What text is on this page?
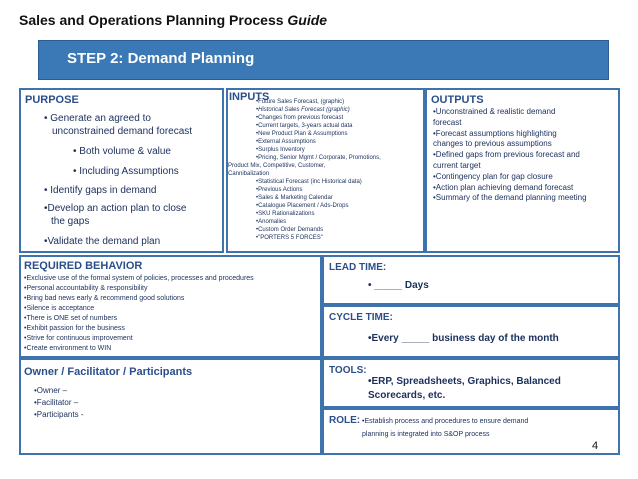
Sales and Operations Planning Process Guide
STEP 2: Demand Planning
PURPOSE
• Generate an agreed to
unconstrained demand forecast
• Both volume & value
• Including Assumptions
• Identify gaps in demand
•Develop an action plan to close
the gaps
•Validate the demand plan
INPUTS
•Future Sales Forecast, (graphic)
•Historical Sales Forecast (graphic)
•Changes from previous forecast
•Current targets, 3-years actual data
•New Product Plan & Assumptions
•External Assumptions
•Surplus Inventory
•Pricing, Senior Mgmt / Corporate, Promotions,
Product Mix, Competitive, Customer,
Cannibalization
•Statistical Forecast (inc Historical data)
•Previous Actions
•Sales & Marketing Calendar
•Catalogue Placement / Ads-Drops
•SKU Rationalizations
•Anomalies
•Custom Order Demands
•"PORTERS 5 FORCES"
OUTPUTS
•Unconstrained & realistic demand
forecast
•Forecast assumptions highlighting
changes to previous assumptions
•Defined gaps from previous forecast and
current target
•Contingency plan for gap closure
•Action plan achieving demand forecast
•Summary of the demand planning meeting
REQUIRED BEHAVIOR
•Exclusive use of the formal system of policies, processes and procedures
•Personal accountability & responsibility
•Bring bad news early & recommend good solutions
•Silence is acceptance
•There is ONE set of numbers
•Exhibit passion for the business
•Strive for continuous improvement
•Create environment to WIN
LEAD TIME:
• _____ Days
CYCLE TIME:
•Every _____ business day of the month
Owner / Facilitator / Participants
•Owner –
•Facilitator –
•Participants -
TOOLS:
•ERP, Spreadsheets, Graphics, Balanced
Scorecards, etc.
ROLE: •Establish process and procedures to ensure demand
planning is integrated into S&OP process
4
